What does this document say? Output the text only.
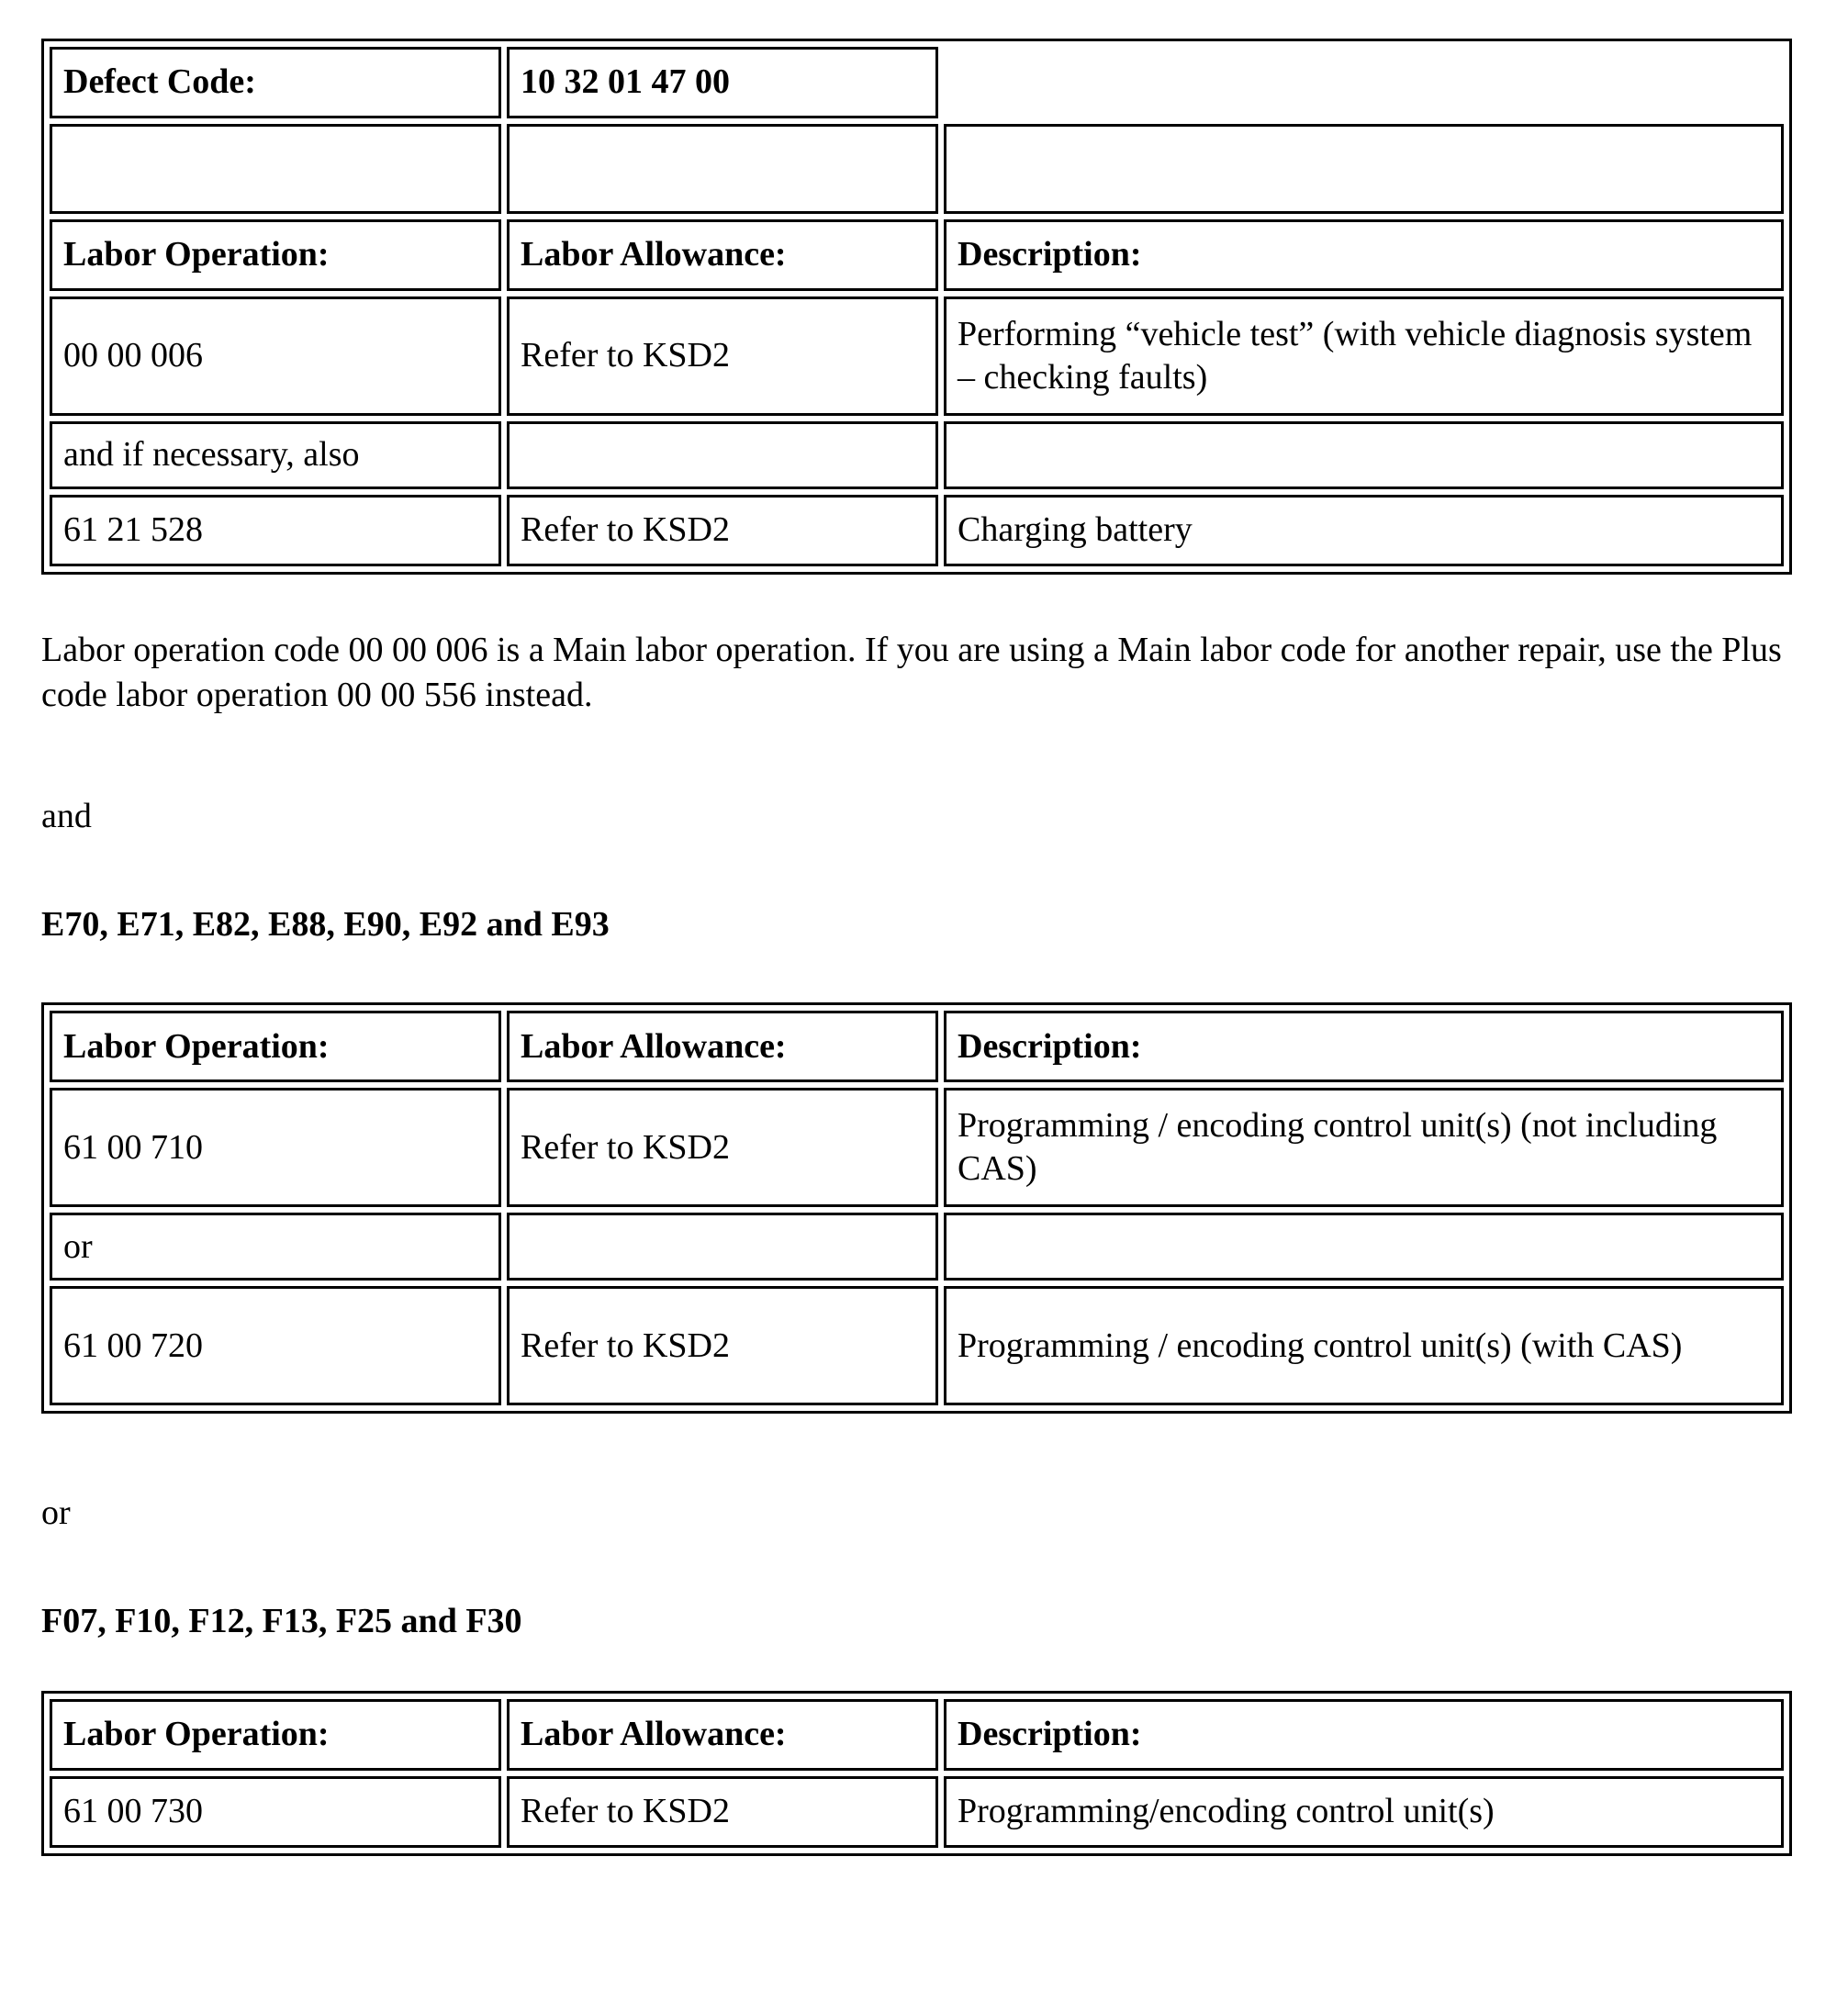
Defect Code:	10 32 01 47 00	

Labor Operation:	Labor Allowance:	Description:
00 00 006	Refer to KSD2	Performing “vehicle test” (with vehicle diagnosis system – checking faults)
and if necessary, also		
61 21 528	Refer to KSD2	Charging battery

Labor operation code 00 00 006 is a Main labor operation. If you are using a Main labor code for another repair, use the Plus code labor operation 00 00 556 instead.

and

E70, E71, E82, E88, E90, E92 and E93

Labor Operation:	Labor Allowance:	Description:
61 00 710	Refer to KSD2	Programming / encoding control unit(s) (not including CAS)
or		
61 00 720	Refer to KSD2	Programming / encoding control unit(s) (with CAS)

or

F07, F10, F12, F13, F25 and F30

Labor Operation:	Labor Allowance:	Description:
61 00 730	Refer to KSD2	Programming/encoding control unit(s)
